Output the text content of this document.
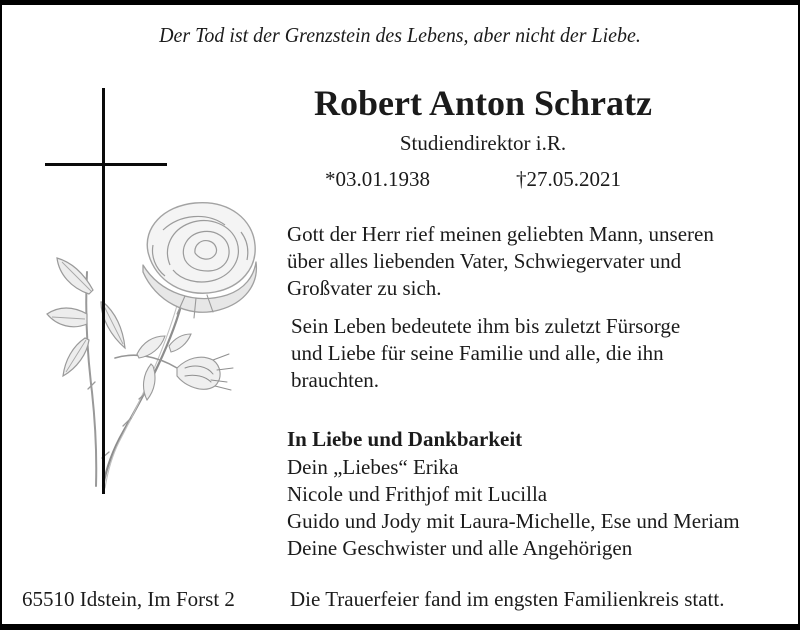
Der Tod ist der Grenzstein des Lebens, aber nicht der Liebe.
Robert Anton Schratz
Studiendirektor i.R.
*03.01.1938	†27.05.2021
Gott der Herr rief meinen geliebten Mann, unseren
über alles liebenden Vater, Schwiegervater und
Großvater zu sich.
Sein Leben bedeutete ihm bis zuletzt Fürsorge
und Liebe für seine Familie und alle, die ihn
brauchten.
In Liebe und Dankbarkeit
Dein „Liebes“ Erika
Nicole und Frithjof mit Lucilla
Guido und Jody mit Laura-Michelle, Ese und Meriam
Deine Geschwister und alle Angehörigen
65510 Idstein, Im Forst 2	Die Trauerfeier fand im engsten Familienkreis statt.
